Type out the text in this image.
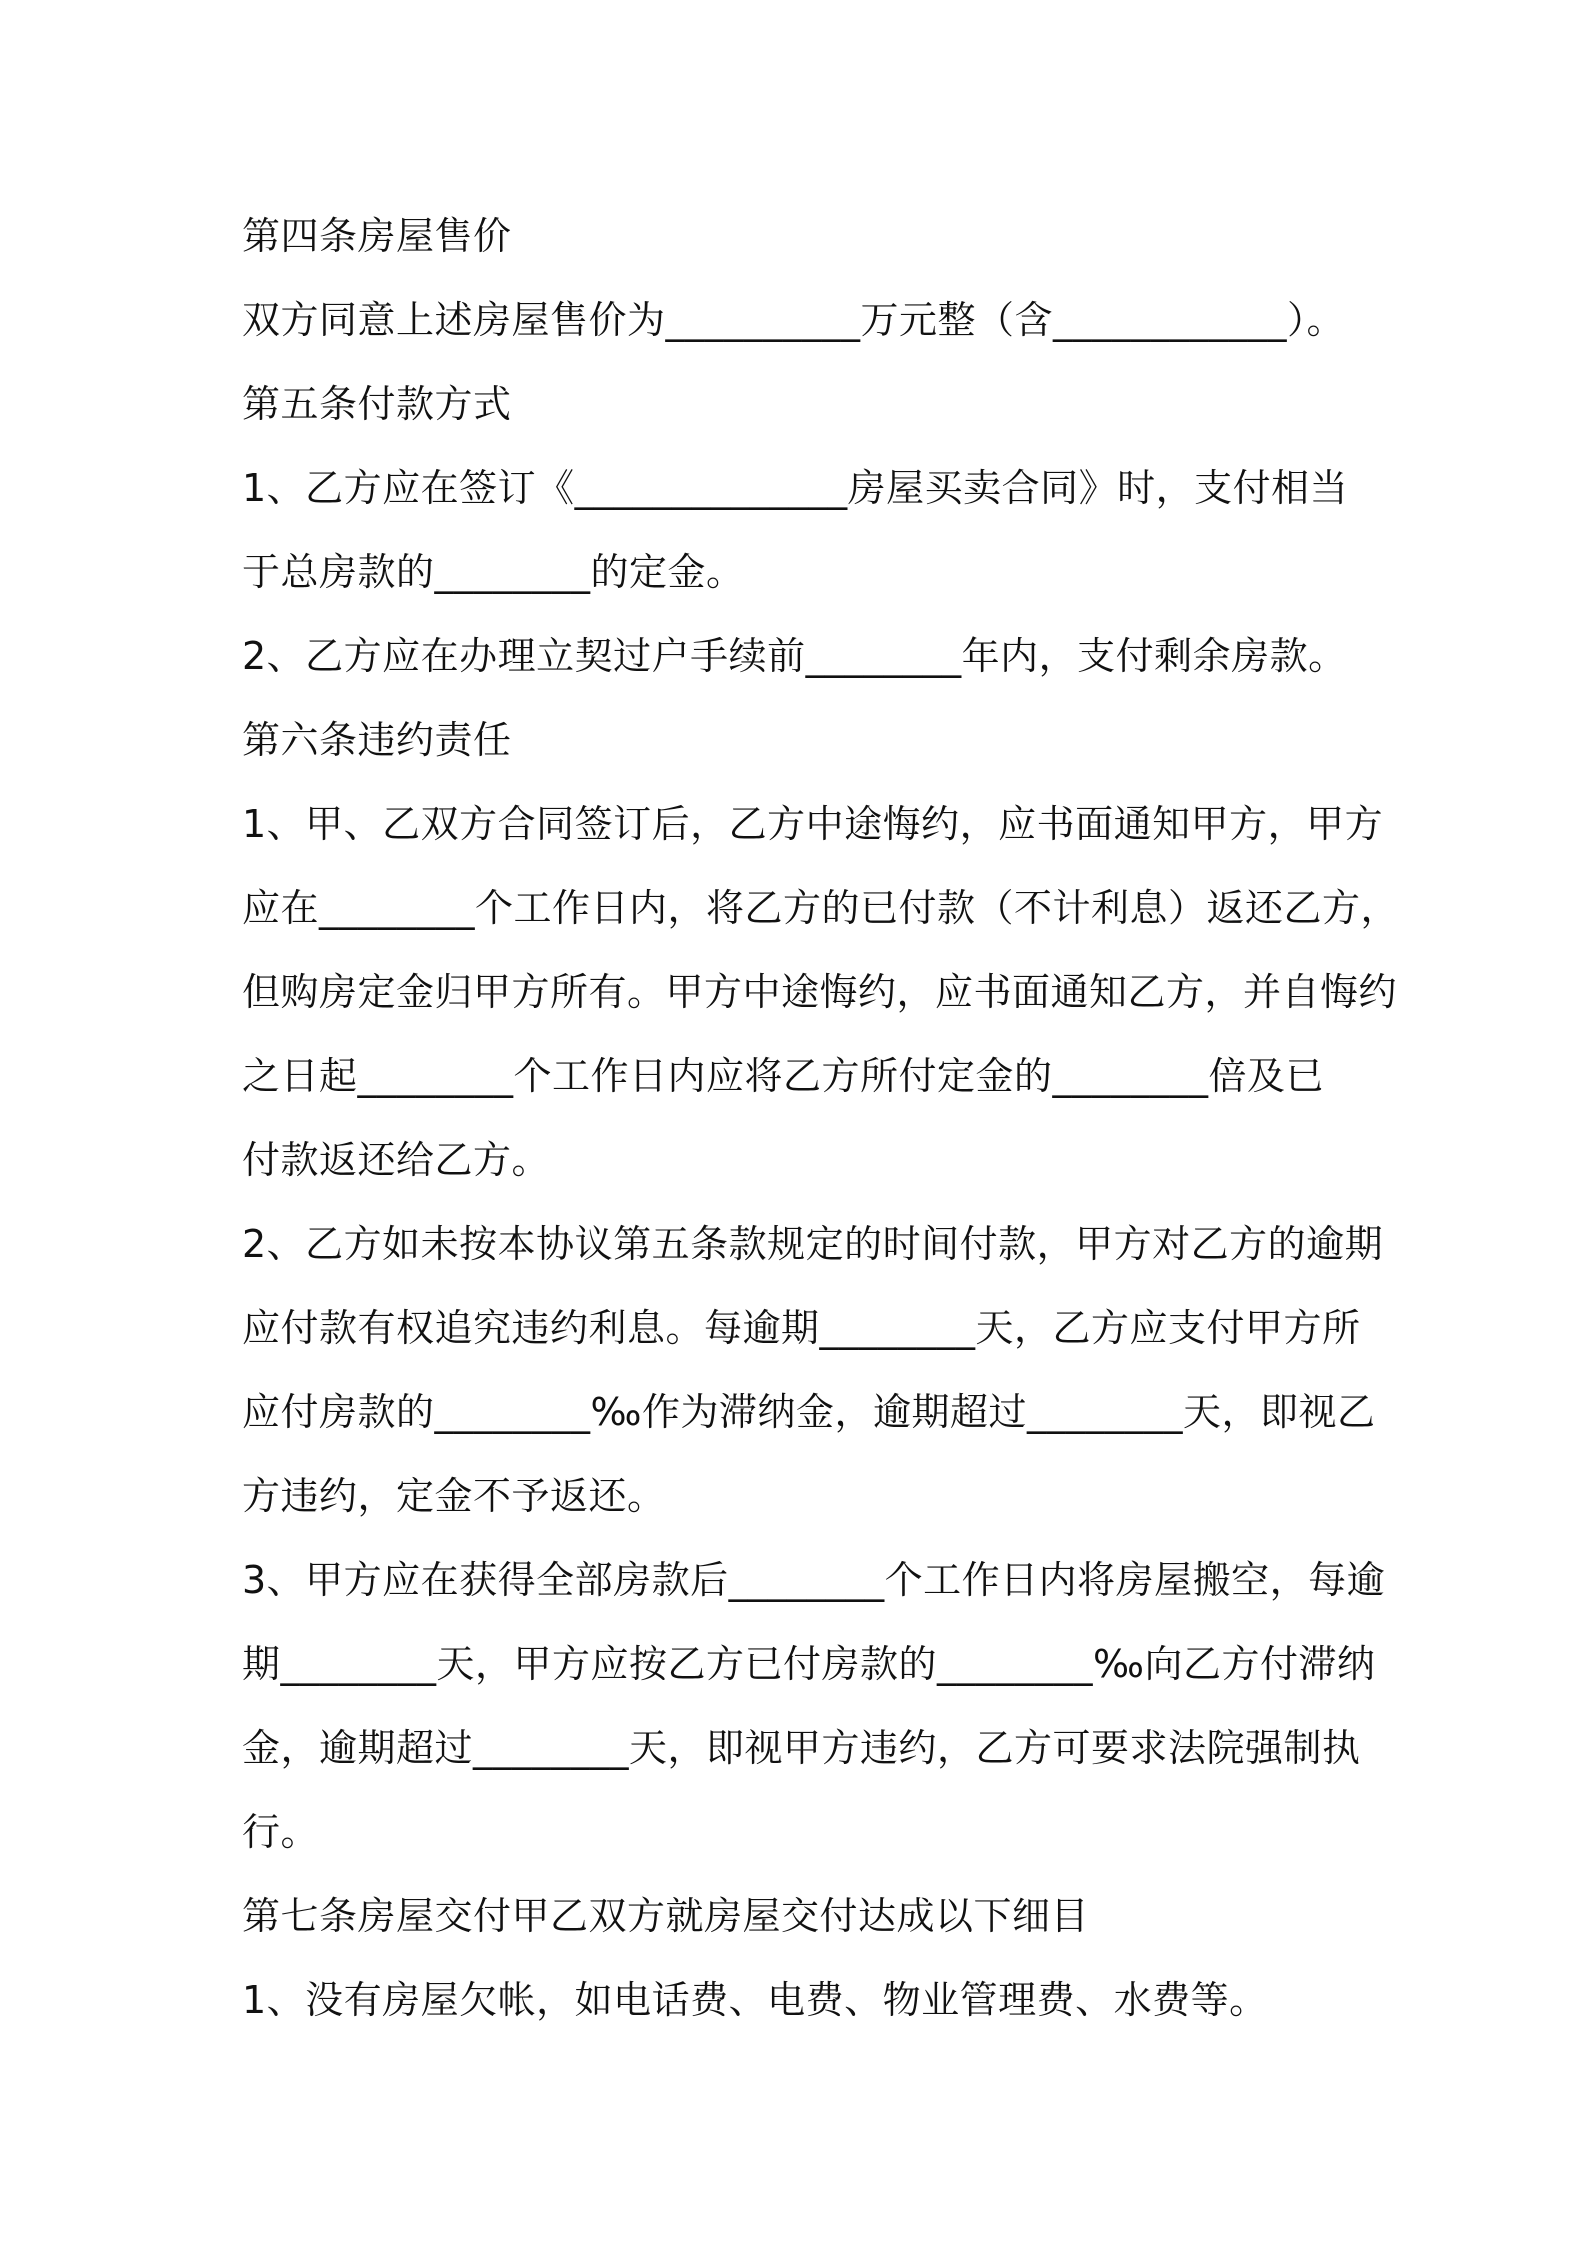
第四条房屋售价
双方同意上述房屋售价为__________万元整（含____________）。
第五条付款方式
1、乙方应在签订《______________房屋买卖合同》时，支付相当
于总房款的________的定金。
2、乙方应在办理立契过户手续前________年内，支付剩余房款。
第六条违约责任
1、甲、乙双方合同签订后，乙方中途悔约，应书面通知甲方，甲方
应在________个工作日内，将乙方的已付款（不计利息）返还乙方，
但购房定金归甲方所有。甲方中途悔约，应书面通知乙方，并自悔约
之日起________个工作日内应将乙方所付定金的________倍及已
付款返还给乙方。
2、乙方如未按本协议第五条款规定的时间付款，甲方对乙方的逾期
应付款有权追究违约利息。每逾期________天，乙方应支付甲方所
应付房款的________‰作为滞纳金，逾期超过________天，即视乙
方违约，定金不予返还。
3、甲方应在获得全部房款后________个工作日内将房屋搬空，每逾
期________天，甲方应按乙方已付房款的________‰向乙方付滞纳
金，逾期超过________天，即视甲方违约，乙方可要求法院强制执
行。
第七条房屋交付甲乙双方就房屋交付达成以下细目
1、没有房屋欠帐，如电话费、电费、物业管理费、水费等。
